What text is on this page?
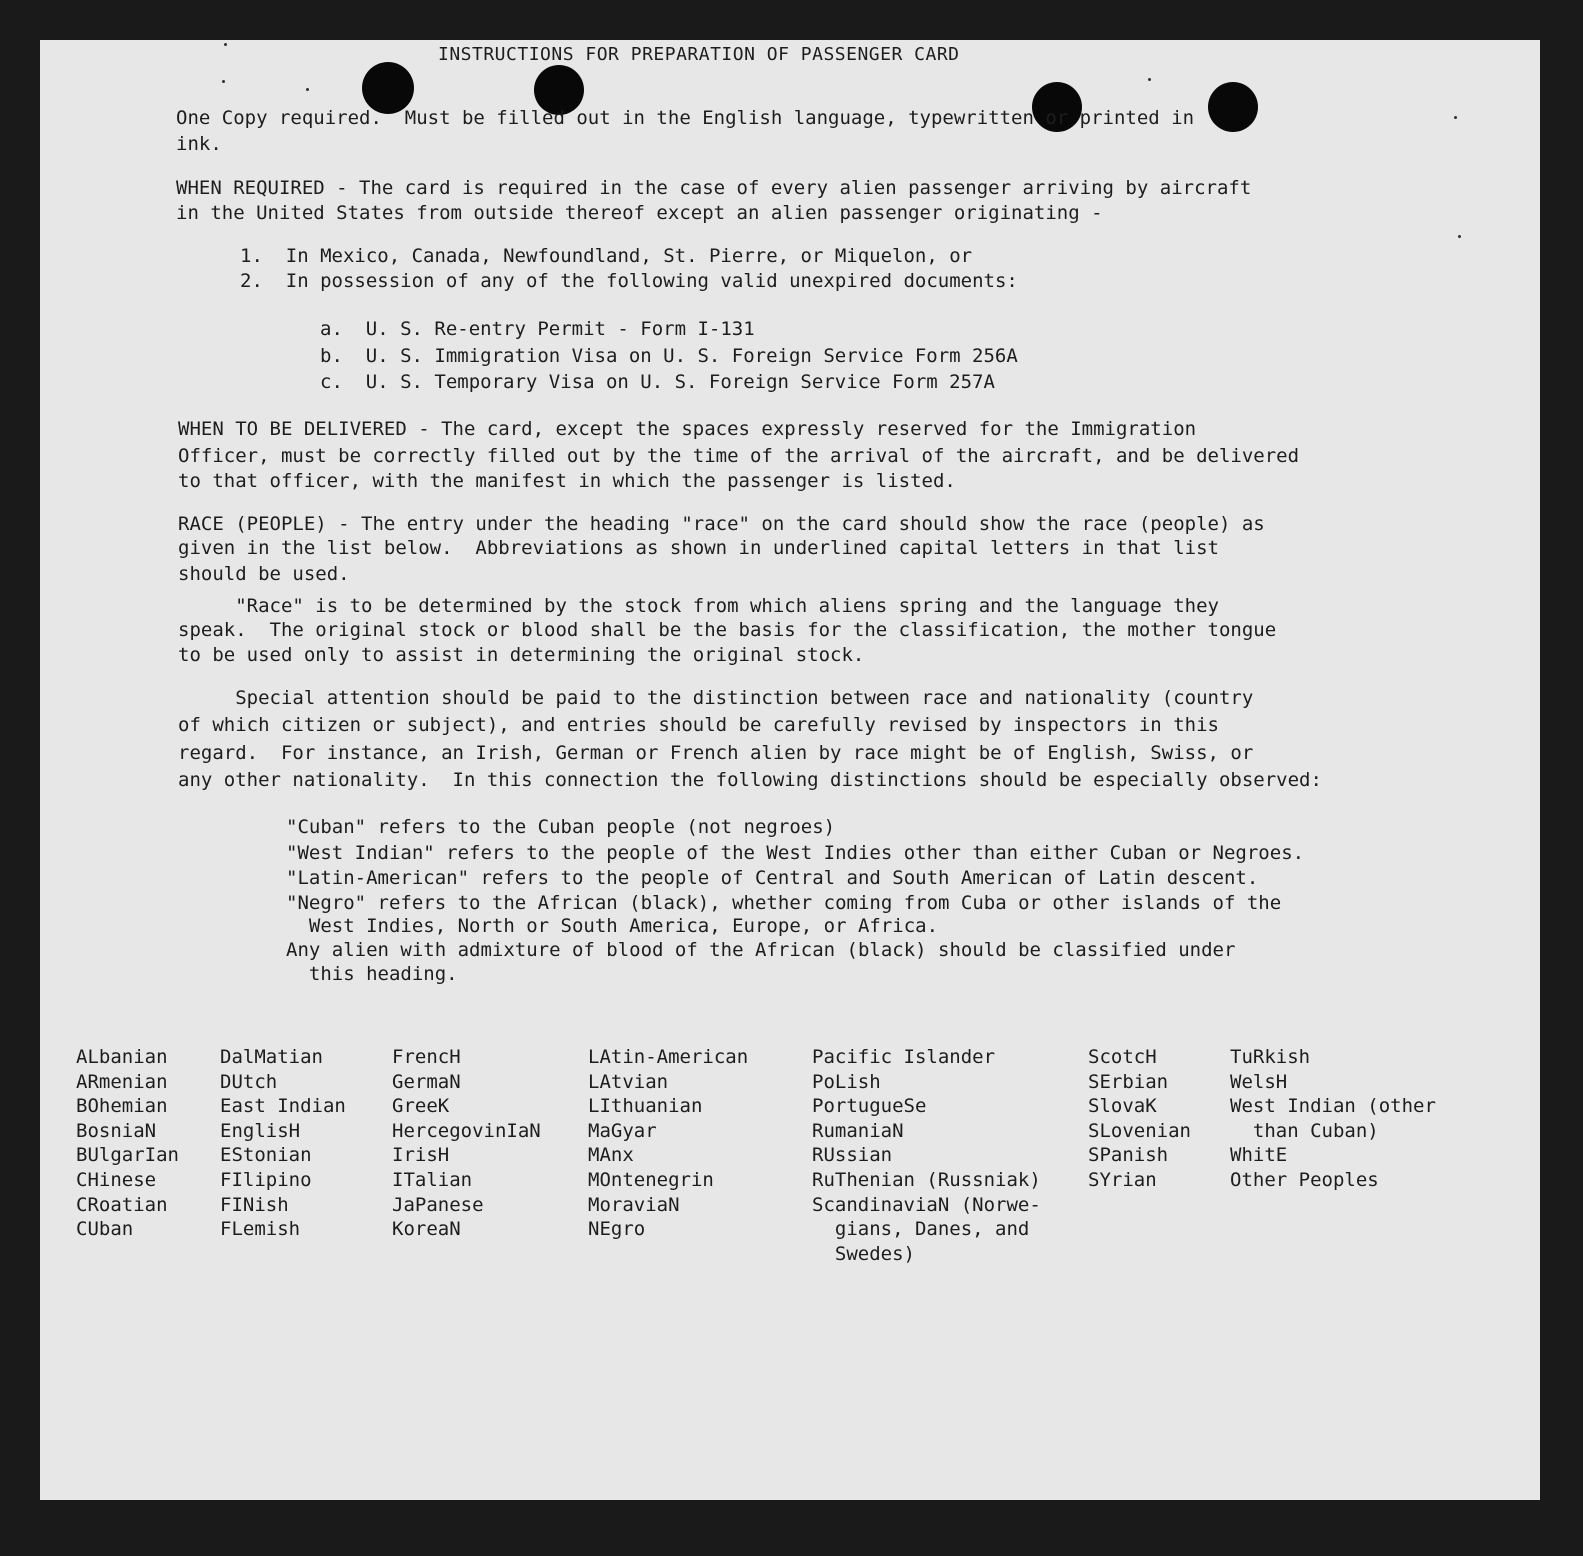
INSTRUCTIONS FOR PREPARATION OF PASSENGER CARD
One Copy required.  Must be filled out in the English language, typewritten or printed in
ink.
WHEN REQUIRED - The card is required in the case of every alien passenger arriving by aircraft
in the United States from outside thereof except an alien passenger originating -
1.  In Mexico, Canada, Newfoundland, St. Pierre, or Miquelon, or
2.  In possession of any of the following valid unexpired documents:
a.  U. S. Re-entry Permit - Form I-131
b.  U. S. Immigration Visa on U. S. Foreign Service Form 256A
c.  U. S. Temporary Visa on U. S. Foreign Service Form 257A
WHEN TO BE DELIVERED - The card, except the spaces expressly reserved for the Immigration
Officer, must be correctly filled out by the time of the arrival of the aircraft, and be delivered
to that officer, with the manifest in which the passenger is listed.
RACE (PEOPLE) - The entry under the heading "race" on the card should show the race (people) as
given in the list below.  Abbreviations as shown in underlined capital letters in that list
should be used.
"Race" is to be determined by the stock from which aliens spring and the language they
speak.  The original stock or blood shall be the basis for the classification, the mother tongue
to be used only to assist in determining the original stock.
Special attention should be paid to the distinction between race and nationality (country
of which citizen or subject), and entries should be carefully revised by inspectors in this
regard.  For instance, an Irish, German or French alien by race might be of English, Swiss, or
any other nationality.  In this connection the following distinctions should be especially observed:
"Cuban" refers to the Cuban people (not negroes)
"West Indian" refers to the people of the West Indies other than either Cuban or Negroes.
"Latin-American" refers to the people of Central and South American of Latin descent.
"Negro" refers to the African (black), whether coming from Cuba or other islands of the
West Indies, North or South America, Europe, or Africa.
Any alien with admixture of blood of the African (black) should be classified under
this heading.
ALbanian
ARmenian
BOhemian
BosniaN
BUlgarIan
CHinese
CRoatian
CUban
DalMatian
DUtch
East Indian
EnglisH
EStonian
FIlipino
FINish
FLemish
FrencH
GermaN
GreeK
HercegovinIaN
IrisH
ITalian
JaPanese
KoreaN
LAtin-American
LAtvian
LIthuanian
MaGyar
MAnx
MOntenegrin
MoraviaN
NEgro
Pacific Islander
PoLish
PortugueSe
RumaniaN
RUssian
RuThenian (Russniak)
ScandinaviaN (Norwe-
gians, Danes, and
Swedes)
ScotcH
SErbian
SlovaK
SLovenian
SPanish
SYrian
TuRkish
WelsH
West Indian (other
than Cuban)
WhitE
Other Peoples
